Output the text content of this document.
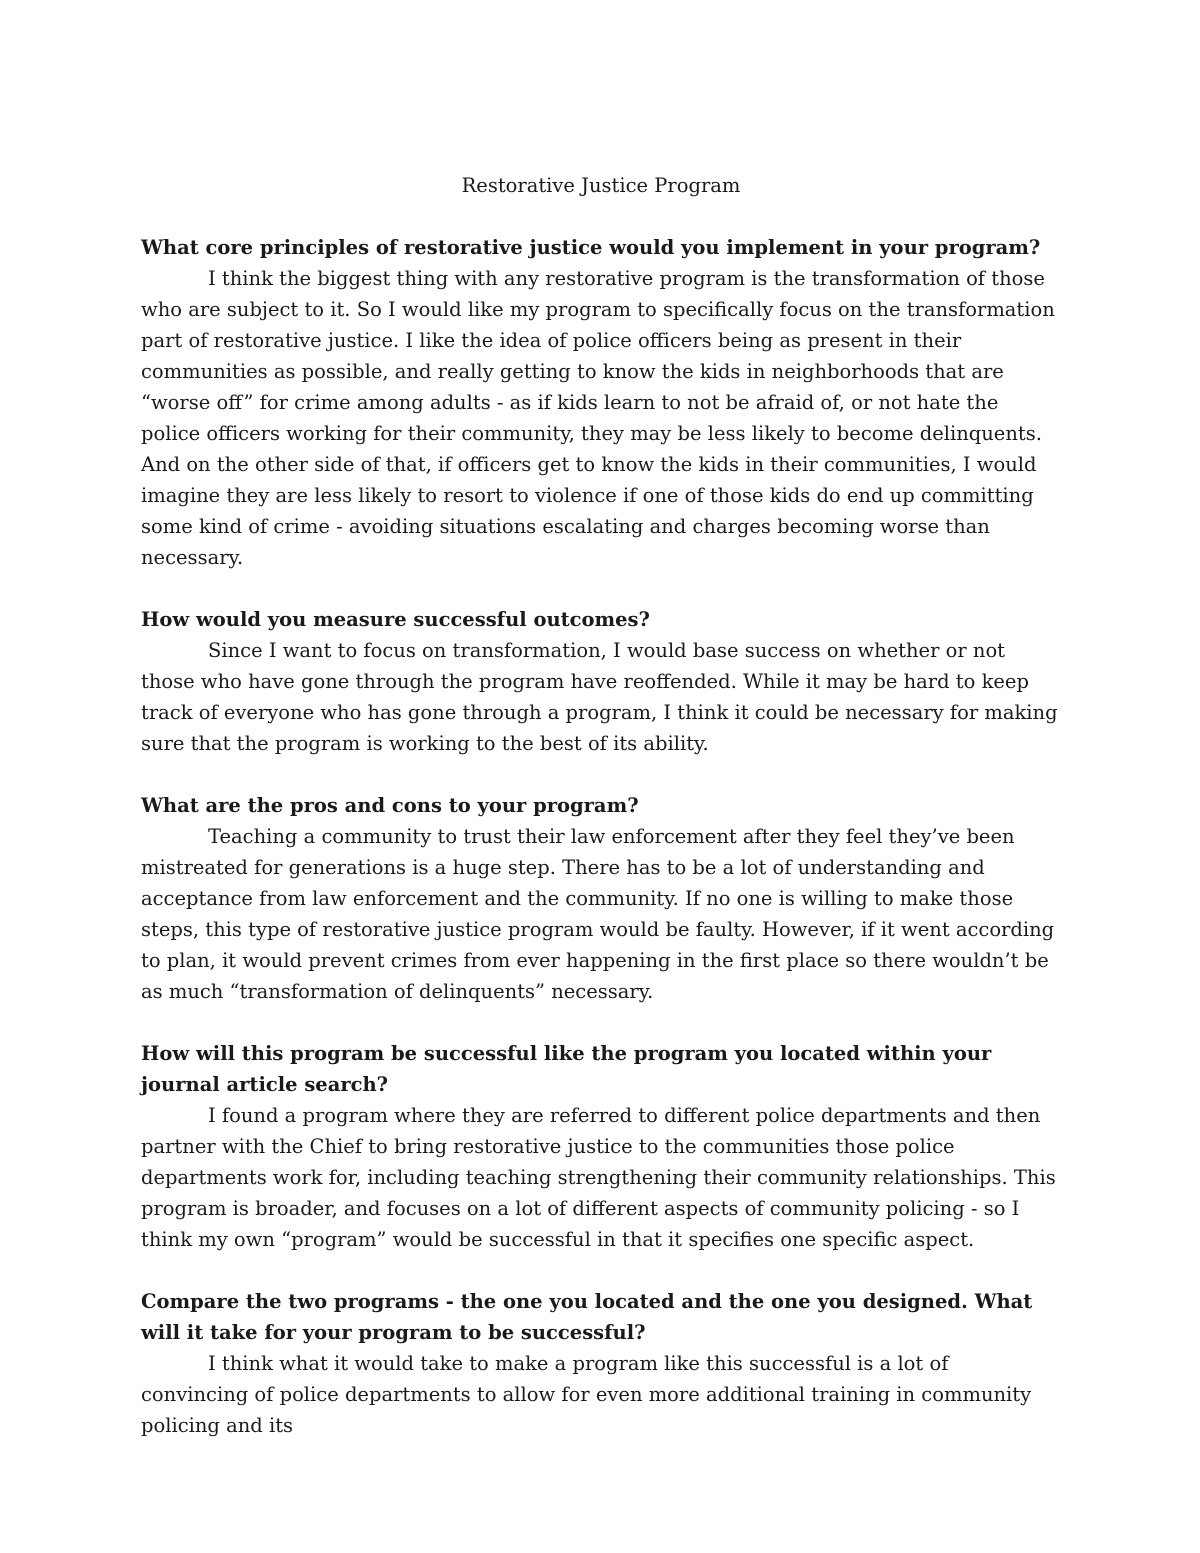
Restorative Justice Program

What core principles of restorative justice would you implement in your program?

I think the biggest thing with any restorative program is the transformation of those who are subject to it. So I would like my program to specifically focus on the transformation part of restorative justice. I like the idea of police officers being as present in their communities as possible, and really getting to know the kids in neighborhoods that are “worse off” for crime among adults - as if kids learn to not be afraid of, or not hate the police officers working for their community, they may be less likely to become delinquents. And on the other side of that, if officers get to know the kids in their communities, I would imagine they are less likely to resort to violence if one of those kids do end up committing some kind of crime - avoiding situations escalating and charges becoming worse than necessary.

How would you measure successful outcomes?

Since I want to focus on transformation, I would base success on whether or not those who have gone through the program have reoffended. While it may be hard to keep track of everyone who has gone through a program, I think it could be necessary for making sure that the program is working to the best of its ability.

What are the pros and cons to your program?

Teaching a community to trust their law enforcement after they feel they’ve been mistreated for generations is a huge step. There has to be a lot of understanding and acceptance from law enforcement and the community. If no one is willing to make those steps, this type of restorative justice program would be faulty. However, if it went according to plan, it would prevent crimes from ever happening in the first place so there wouldn’t be as much “transformation of delinquents” necessary.

How will this program be successful like the program you located within your journal article search?

I found a program where they are referred to different police departments and then partner with the Chief to bring restorative justice to the communities those police departments work for, including teaching strengthening their community relationships. This program is broader, and focuses on a lot of different aspects of community policing - so I think my own “program” would be successful in that it specifies one specific aspect.

Compare the two programs - the one you located and the one you designed. What will it take for your program to be successful?

I think what it would take to make a program like this successful is a lot of convincing of police departments to allow for even more additional training in community policing and its
